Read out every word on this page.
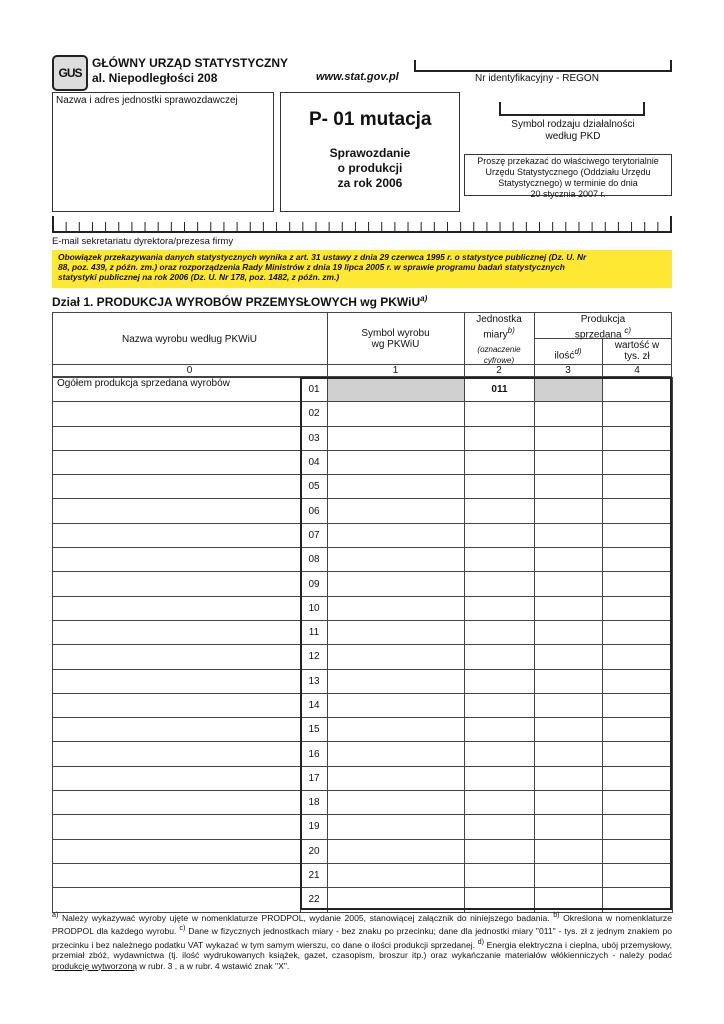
GUS
GŁÓWNY URZĄD STATYSTYCZNY
al. Niepodległości 208	www.stat.gov.pl	Nr identyfikacyjny - REGON
Nazwa i adres jednostki sprawozdawczej
P- 01 mutacja
Sprawozdanie
o produkcji
za rok 2006
Symbol rodzaju działalności
według PKD
Proszę przekazać do właściwego terytorialnie
Urzędu Statystycznego (Oddziału Urzędu
Statystycznego) w terminie do dnia
20 stycznia 2007 r.
E-mail sekretariatu dyrektora/prezesa firmy
Obowiązek przekazywania danych statystycznych wynika z art. 31 ustawy z dnia 29 czerwca 1995 r. o statystyce publicznej (Dz. U. Nr
88, poz. 439, z późn. zm.) oraz rozporządzenia Rady Ministrów z dnia 19 lipca 2005 r. w sprawie programu badań statystycznych
statystyki publicznej na rok 2006 (Dz. U. Nr 178, poz. 1482, z późn. zm.)
Dział 1. PRODUKCJA WYROBÓW PRZEMYSŁOWYCH wg PKWiU$^{a)}$
Nazwa wyrobu według PKWiU
Symbol wyrobu
wg PKWiU
Jednostka
miary$^{b)}$
(oznaczenie
cyfrowe)
Produkcja
sprzedana $^{c)}$
ilość$^{d)}$
wartość w
tys. zł
0	1	2	3	4
Ogółem produkcja sprzedana wyrobów	01		011		
	02				
	03				
	04				
	05				
	06				
	07				
	08				
	09				
	10				
	11				
	12				
	13				
	14				
	15				
	16				
	17				
	18				
	19				
	20				
	21				
	22				
$^{a)}$ Należy wykazywać wyroby ujęte w nomenklaturze PRODPOL, wydanie 2005, stanowiącej załącznik do niniejszego badania. $^{b)}$ Określona w nomenklaturze PRODPOL dla każdego wyrobu. $^{c)}$ Dane w fizycznych jednostkach miary - bez znaku po przecinku; dane dla jednostki miary "011" - tys. zł z jednym znakiem po przecinku i bez należnego podatku VAT wykazać w tym samym wierszu, co dane o ilości produkcji sprzedanej. $^{d)}$ Energia elektryczna i cieplna, ubój przemysłowy, przemiał zbóż, wydawnictwa (tj. ilość wydrukowanych książek, gazet, czasopism, broszur itp.) oraz wykańczanie materiałów włókienniczych - należy podać produkcję wytworzoną w rubr. 3 , a w rubr. 4 wstawić znak "X".
